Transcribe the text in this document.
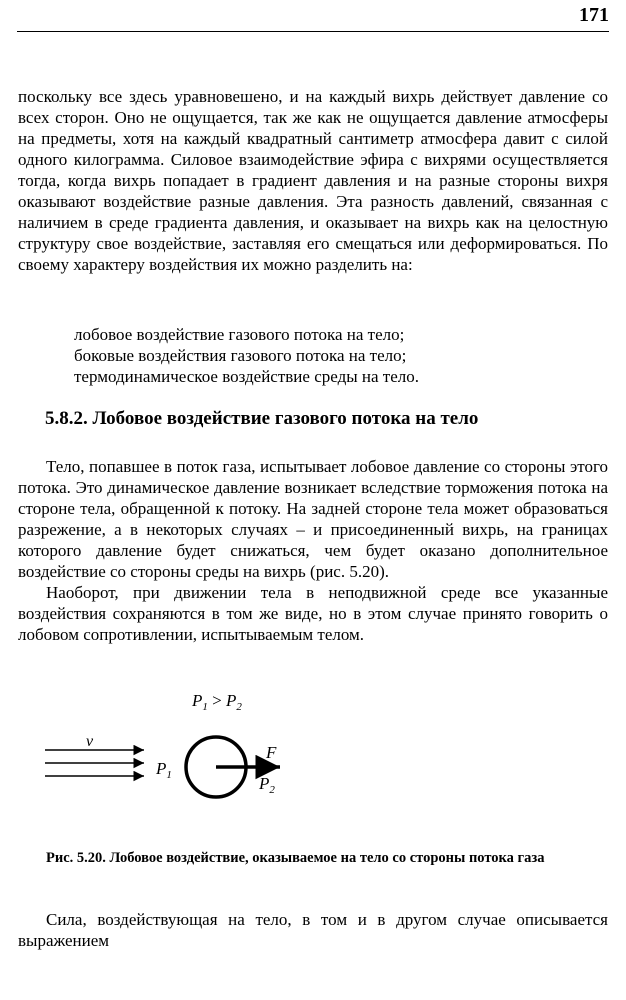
171

поскольку все здесь уравновешено, и на каждый вихрь действует давление со всех сторон. Оно не ощущается, так же как не ощущается давление атмосферы на предметы, хотя на каждый квадратный сантиметр атмосфера давит с силой одного килограмма. Силовое взаимодействие эфира с вихрями осуществляется тогда, когда вихрь попадает в градиент давления и на разные стороны вихря оказывают воздействие разные давления. Эта разность давлений, связанная с наличием в среде градиента давления, и оказывает на вихрь как на целостную структуру свое воздействие, заставляя его смещаться или деформироваться. По своему характеру воздействия их можно разделить на:

лобовое воздействие газового потока на тело;
боковые воздействия газового потока на тело;
термодинамическое воздействие среды на тело.
5.8.2. Лобовое воздействие газового потока на тело

Тело, попавшее в поток газа, испытывает лобовое давление со стороны этого потока. Это динамическое давление возникает вследствие торможения потока на стороне тела, обращенной к потоку. На задней стороне тела может образоваться разрежение, а в некоторых случаях – и присоединенный вихрь, на границах которого давление будет снижаться, чем будет оказано дополнительное воздействие со стороны среды на вихрь (рис. 5.20).

Наоборот, при движении тела в неподвижной среде все указанные воздействия сохраняются в том же виде, но в этом случае принято говорить о лобовом сопротивлении, испытываемым телом.

$P_1 > P_2$
v
$P_1$
F
$P_2$

Рис. 5.20. Лобовое воздействие, оказываемое на тело со стороны потока газа

Сила, воздействующая на тело, в том и в другом случае описывается выражением
